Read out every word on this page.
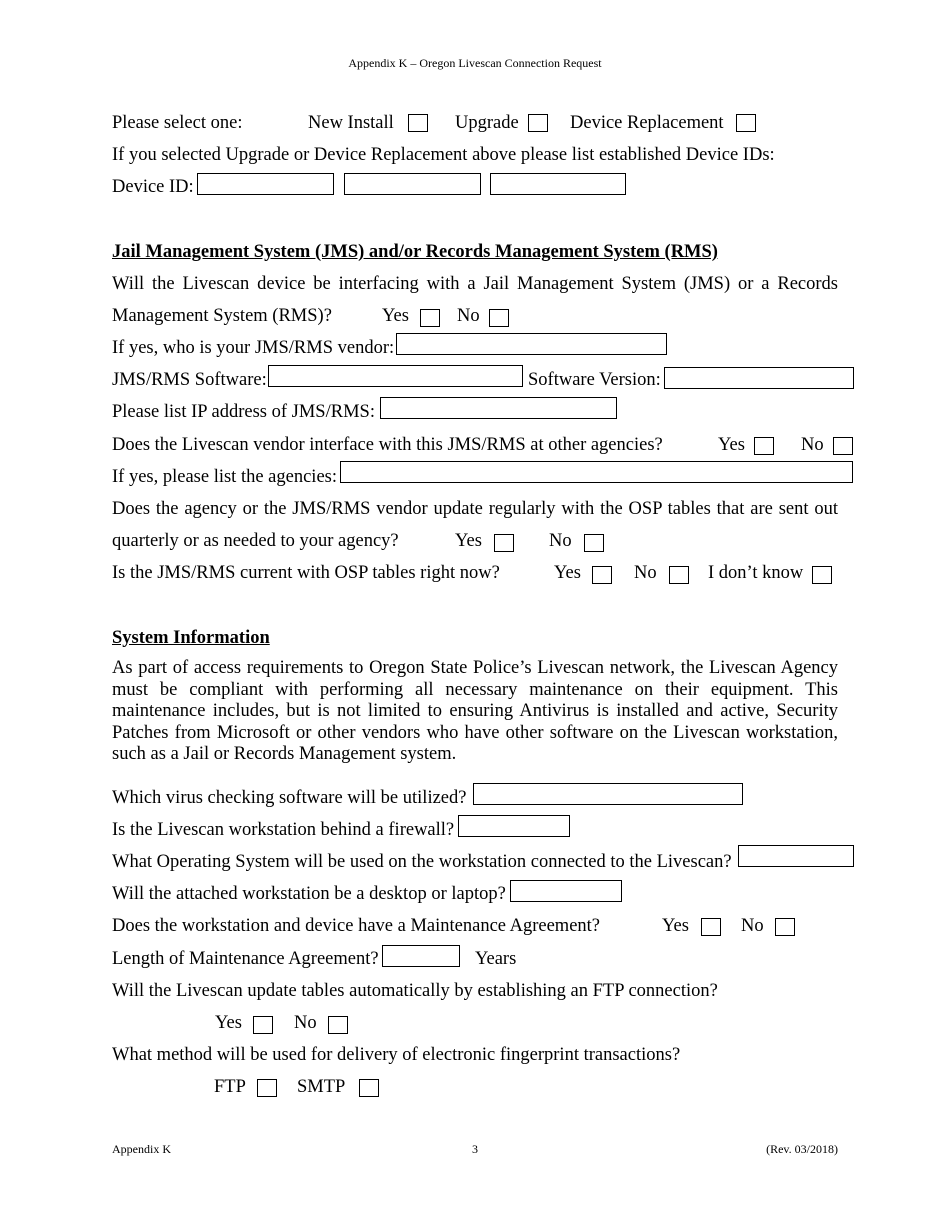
Appendix K – Oregon Livescan Connection Request
Please select one:	New Install	Upgrade	Device Replacement
If you selected Upgrade or Device Replacement above please list established Device IDs:
Device ID:
Jail Management System (JMS) and/or Records Management System (RMS)
Will the Livescan device be interfacing with a Jail Management System (JMS) or a Records
Management System (RMS)?	Yes	No
If yes, who is your JMS/RMS vendor:
JMS/RMS Software:	Software Version:
Please list IP address of JMS/RMS:
Does the Livescan vendor interface with this JMS/RMS at other agencies?	Yes	No
If yes, please list the agencies:
Does the agency or the JMS/RMS vendor update regularly with the OSP tables that are sent out
quarterly or as needed to your agency?	Yes	No
Is the JMS/RMS current with OSP tables right now?	Yes	No	I don’t know
System Information
As part of access requirements to Oregon State Police’s Livescan network, the Livescan Agency must be compliant with performing all necessary maintenance on their equipment. This maintenance includes, but is not limited to ensuring Antivirus is installed and active, Security Patches from Microsoft or other vendors who have other software on the Livescan workstation, such as a Jail or Records Management system.
Which virus checking software will be utilized?
Is the Livescan workstation behind a firewall?
What Operating System will be used on the workstation connected to the Livescan?
Will the attached workstation be a desktop or laptop?
Does the workstation and device have a Maintenance Agreement?	Yes	No
Length of Maintenance Agreement?	Years
Will the Livescan update tables automatically by establishing an FTP connection?
Yes	No
What method will be used for delivery of electronic fingerprint transactions?
FTP	SMTP
Appendix K	3	(Rev. 03/2018)
